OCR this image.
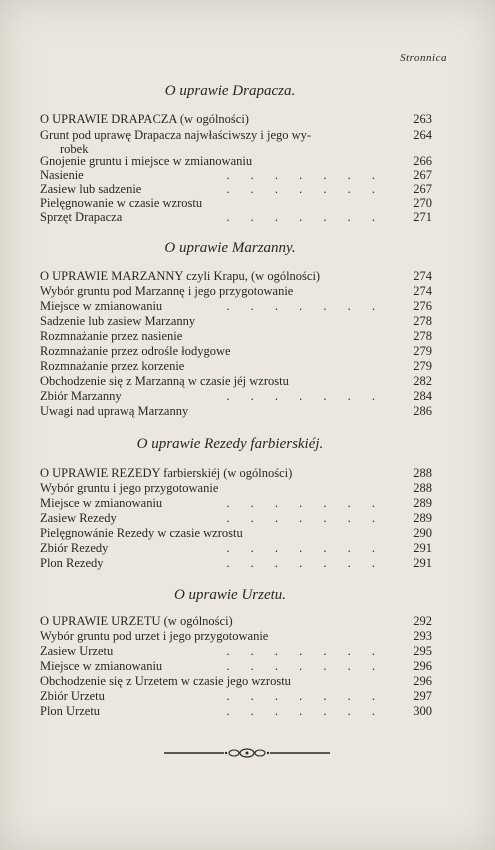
Stronnica
O uprawie Drapacza.
O UPRAWIE DRAPACZA (w ogólności)	263
Grunt pod uprawę Drapacza najwłaściwszy i jego wy-	264
robek
Gnojenie gruntu i miejsce w zmianowaniu	266
Nasienie	. . . . . . .	267
Zasiew lub sadzenie	. . . . . . .	267
Pielęgnowanie w czasie wzrostu	270
Sprzęt Drapacza	. . . . . . .	271
O uprawie Marzanny.
O UPRAWIE MARZANNY czyli Krapu, (w ogólności)	274
Wybór gruntu pod Marzannę i jego przygotowanie	274
Miejsce w zmianowaniu	. . . . . . .	276
Sadzenie lub zasiew Marzanny	278
Rozmnażanie przez nasienie	278
Rozmnażanie przez odrośle łodygowe	279
Rozmnażanie przez korzenie	279
Obchodzenie się z Marzanną w czasie jéj wzrostu	282
Zbiór Marzanny	. . . . . . .	284
Uwagi nad uprawą Marzanny	286
O uprawie Rezedy farbierskiéj.
O UPRAWIE REZEDY farbierskiéj (w ogólności)	288
Wybór gruntu i jego przygotowanie	288
Miejsce w zmianowaniu	. . . . . . .	289
Zasiew Rezedy	. . . . . . .	289
Pielęgnowánie Rezedy w czasie wzrostu	290
Zbiór Rezedy	. . . . . . .	291
Plon Rezedy	. . . . . . .	291
O uprawie Urzetu.
O UPRAWIE URZETU (w ogólności)	292
Wybór gruntu pod urzet i jego przygotowanie	293
Zasiew Urzetu	. . . . . . .	295
Miejsce w zmianowaniu	. . . . . . .	296
Obchodzenie się z Urzetem w czasie jego wzrostu	296
Zbiór Urzetu	. . . . . . .	297
Plon Urzetu	. . . . . . .	300
